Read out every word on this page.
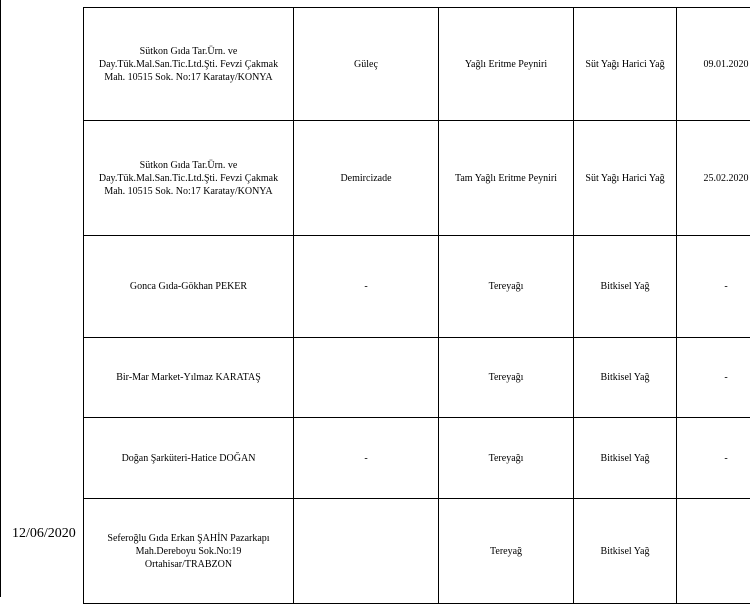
12/06/2020
Sütkon Gıda Tar.Ürn. ve Day.Tük.Mal.San.Tic.Ltd.Şti. Fevzi Çakmak Mah. 10515 Sok. No:17 Karatay/KONYA	Güleç	Yağlı Eritme Peyniri	Süt Yağı Harici Yağ	09.01.2020

Sütkon Gıda Tar.Ürn. ve Day.Tük.Mal.San.Tic.Ltd.Şti. Fevzi Çakmak Mah. 10515 Sok. No:17 Karatay/KONYA	Demircizade	Tam Yağlı Eritme Peyniri	Süt Yağı Harici Yağ	25.02.2020

Gonca Gıda-Gökhan PEKER	-	Tereyağı	Bitkisel Yağ	-

Bir-Mar Market-Yılmaz KARATAŞ		Tereyağı	Bitkisel Yağ	-

Doğan Şarküteri-Hatice DOĞAN	-	Tereyağı	Bitkisel Yağ	-

Seferoğlu Gıda Erkan ŞAHİN Pazarkapı Mah.Dereboyu Sok.No:19 Ortahisar/TRABZON		Tereyağ	Bitkisel Yağ	
